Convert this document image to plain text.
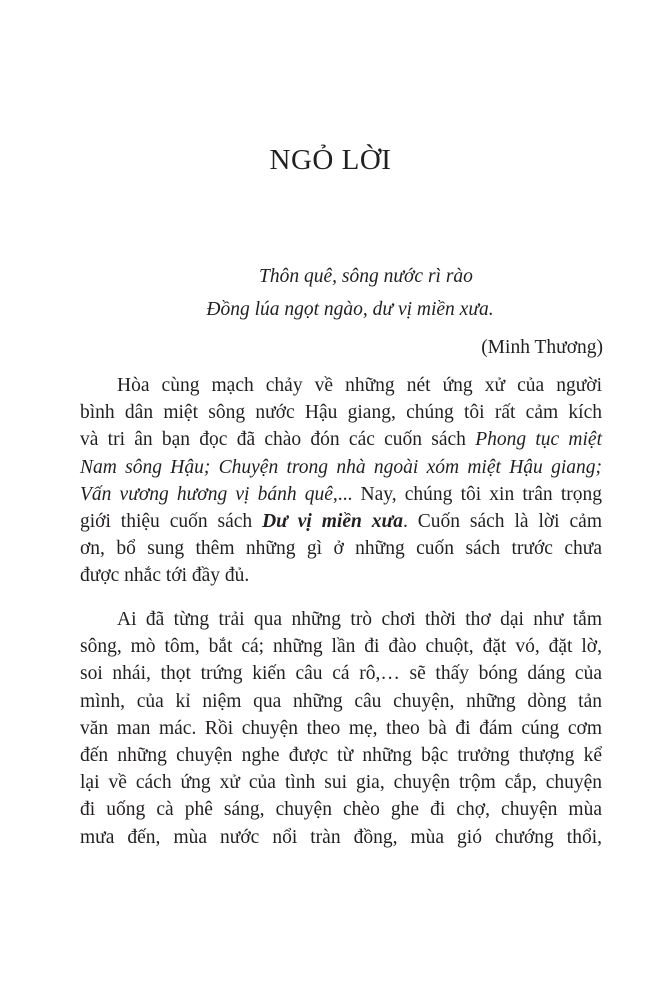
NGỎ LỜI
Thôn quê, sông nước rì rào
Đồng lúa ngọt ngào, dư vị miền xưa.
(Minh Thương)
Hòa cùng mạch chảy về những nét ứng xử của người
bình dân miệt sông nước Hậu giang, chúng tôi rất cảm kích
và tri ân bạn đọc đã chào đón các cuốn sách Phong tục miệt
Nam sông Hậu; Chuyện trong nhà ngoài xóm miệt Hậu giang;
Vấn vương hương vị bánh quê,... Nay, chúng tôi xin trân trọng
giới thiệu cuốn sách Dư vị miền xưa. Cuốn sách là lời cảm
ơn, bổ sung thêm những gì ở những cuốn sách trước chưa
được nhắc tới đầy đủ.
Ai đã từng trải qua những trò chơi thời thơ dại như tắm
sông, mò tôm, bắt cá; những lần đi đào chuột, đặt vó, đặt lờ,
soi nhái, thọt trứng kiến câu cá rô,… sẽ thấy bóng dáng của
mình, của kỉ niệm qua những câu chuyện, những dòng tản
văn man mác. Rồi chuyện theo mẹ, theo bà đi đám cúng cơm
đến những chuyện nghe được từ những bậc trưởng thượng kể
lại về cách ứng xử của tình sui gia, chuyện trộm cắp, chuyện
đi uống cà phê sáng, chuyện chèo ghe đi chợ, chuyện mùa
mưa đến, mùa nước nổi tràn đồng, mùa gió chướng thổi,
